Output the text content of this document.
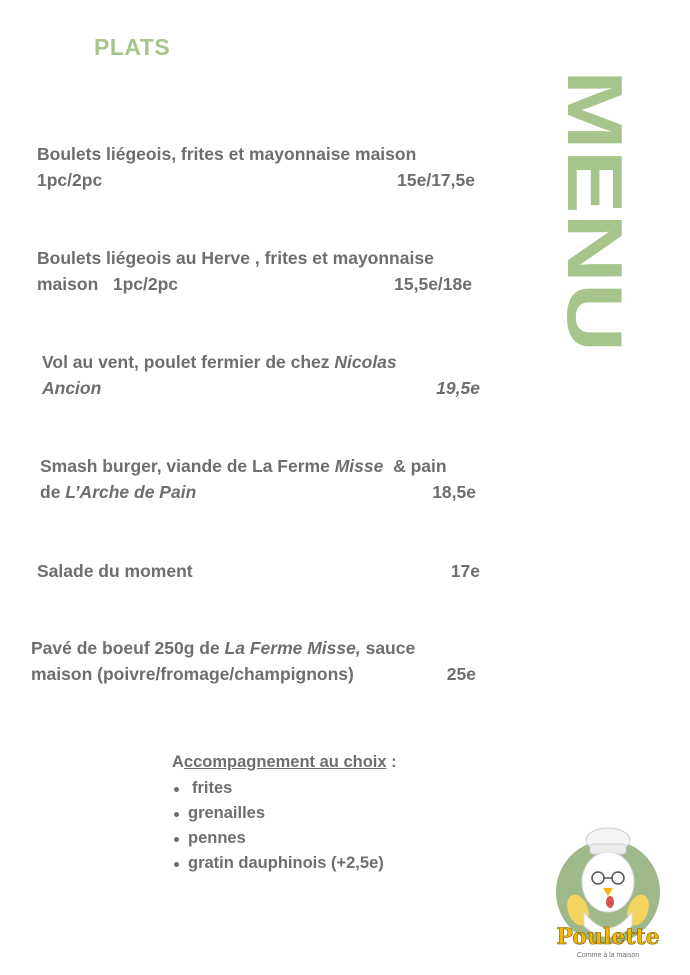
PLATS
MENU
Boulets liégeois, frites et mayonnaise maison
1pc/2pc	15e/17,5e
Boulets liégeois au Herve , frites et mayonnaise
maison   1pc/2pc	15,5e/18e
Vol au vent, poulet fermier de chez Nicolas
Ancion	19,5e
Smash burger, viande de La Ferme Misse  & pain
de L’Arche de Pain	18,5e
Salade du moment	17e
Pavé de boeuf 250g de La Ferme Misse, sauce
maison (poivre/fromage/champignons)	25e
Accompagnement au choix :
frites
grenailles
pennes
gratin dauphinois (+2,5e)
Poulette
Comme à la maison
